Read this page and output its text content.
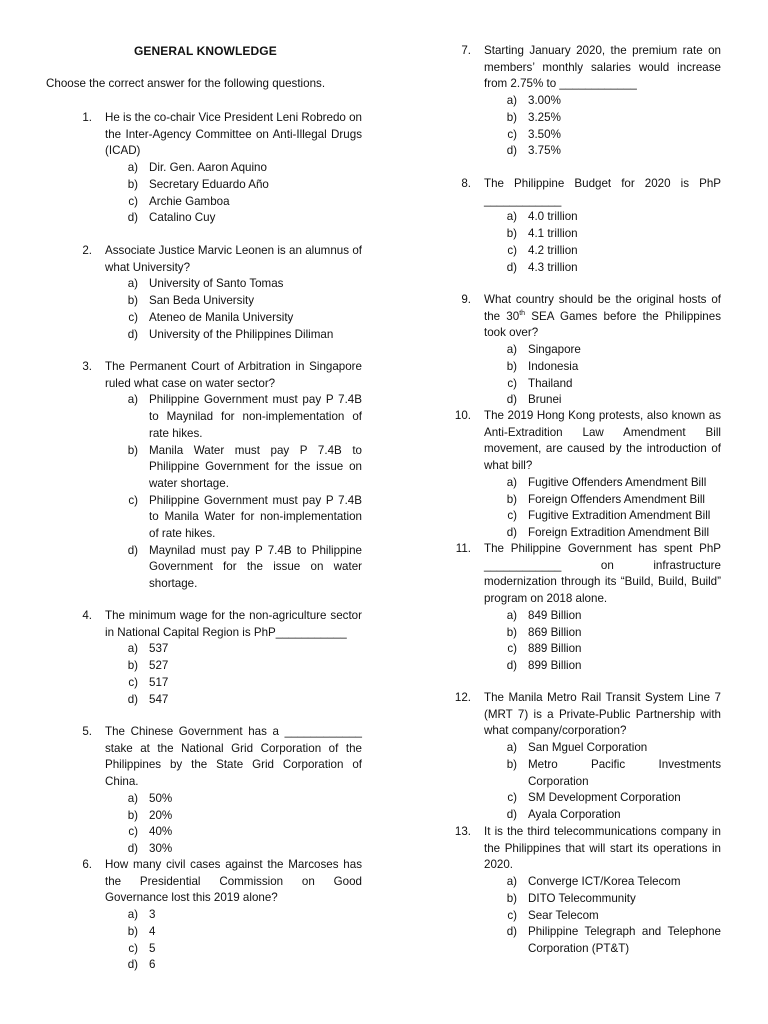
GENERAL KNOWLEDGE
Choose the correct answer for the following questions.
1. He is the co-chair Vice President Leni Robredo on the Inter-Agency Committee on Anti-Illegal Drugs (ICAD)
a) Dir. Gen. Aaron Aquino
b) Secretary Eduardo Año
c) Archie Gamboa
d) Catalino Cuy
2. Associate Justice Marvic Leonen is an alumnus of what University?
a) University of Santo Tomas
b) San Beda University
c) Ateneo de Manila University
d) University of the Philippines Diliman
3. The Permanent Court of Arbitration in Singapore ruled what case on water sector?
a) Philippine Government must pay P 7.4B to Maynilad for non-implementation of rate hikes.
b) Manila Water must pay P 7.4B to Philippine Government for the issue on water shortage.
c) Philippine Government must pay P 7.4B to Manila Water for non-implementation of rate hikes.
d) Maynilad must pay P 7.4B to Philippine Government for the issue on water shortage.
4. The minimum wage for the non-agriculture sector in National Capital Region is PhP___________
a) 537
b) 527
c) 517
d) 547
5. The Chinese Government has a ____________ stake at the National Grid Corporation of the Philippines by the State Grid Corporation of China.
a) 50%
b) 20%
c) 40%
d) 30%
6. How many civil cases against the Marcoses has the Presidential Commission on Good Governance lost this 2019 alone?
a) 3
b) 4
c) 5
d) 6
7. Starting January 2020, the premium rate on members’ monthly salaries would increase from 2.75% to ____________
a) 3.00%
b) 3.25%
c) 3.50%
d) 3.75%
8. The Philippine Budget for 2020 is PhP ____________
a) 4.0 trillion
b) 4.1 trillion
c) 4.2 trillion
d) 4.3 trillion
9. What country should be the original hosts of the 30th SEA Games before the Philippines took over?
a) Singapore
b) Indonesia
c) Thailand
d) Brunei
10. The 2019 Hong Kong protests, also known as Anti-Extradition Law Amendment Bill movement, are caused by the introduction of what bill?
a) Fugitive Offenders Amendment Bill
b) Foreign Offenders Amendment Bill
c) Fugitive Extradition Amendment Bill
d) Foreign Extradition Amendment Bill
11. The Philippine Government has spent PhP ____________ on infrastructure modernization through its “Build, Build, Build” program on 2018 alone.
a) 849 Billion
b) 869 Billion
c) 889 Billion
d) 899 Billion
12. The Manila Metro Rail Transit System Line 7 (MRT 7) is a Private-Public Partnership with what company/corporation?
a) San Mguel Corporation
b) Metro Pacific Investments Corporation
c) SM Development Corporation
d) Ayala Corporation
13. It is the third telecommunications company in the Philippines that will start its operations in 2020.
a) Converge ICT/Korea Telecom
b) DITO Telecommunity
c) Sear Telecom
d) Philippine Telegraph and Telephone Corporation (PT&T)
